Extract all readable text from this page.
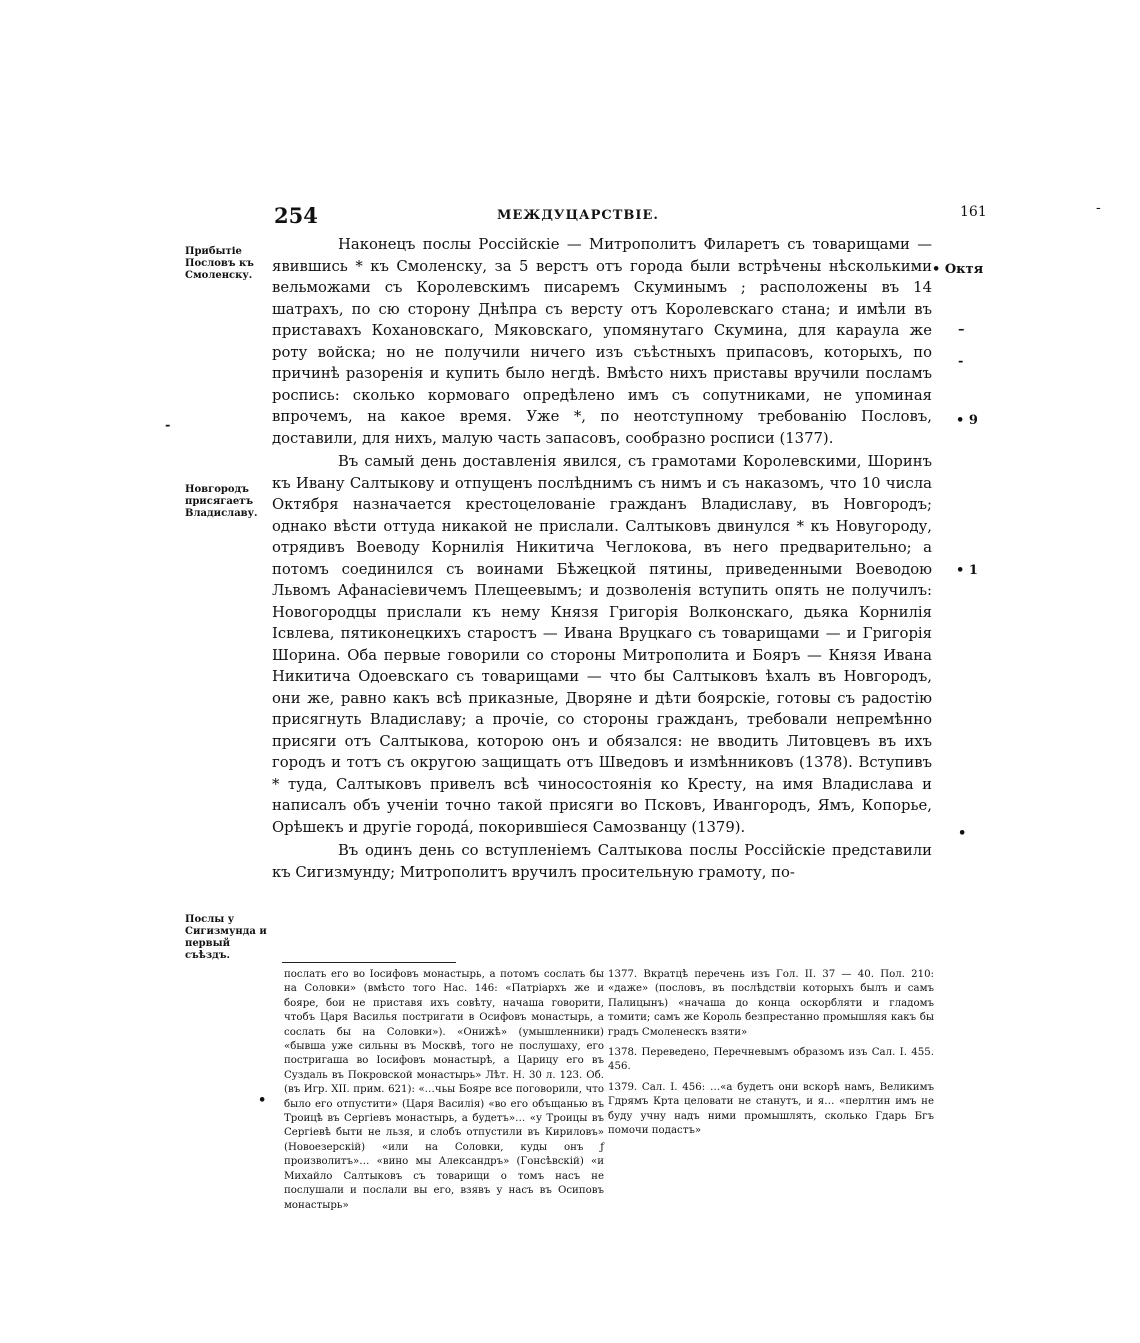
254	МЕЖДУЦАРСТВІЕ.	161	-
Прибытіе Пословъ къ Смоленску.
Новгородъ присягаетъ Владиславу.
Послы у Сигизмунда и первый съѣздъ.
• Октя
• 9
• 1
–
-
•
-
•

Наконецъ послы Россійскіе — Митрополитъ Филаретъ съ товарищами — явившись * къ Смоленску, за 5 верстъ отъ города были встрѣчены нѣсколькими вельможами съ Королевскимъ писаремъ Скуминымъ ; расположены въ 14 шатрахъ, по сю сторону Днѣпра съ версту отъ Королевскаго стана; и имѣли въ приставахъ Кохановскаго, Мяковскаго, упомянутаго Скумина, для караула же роту войска; но не получили ничего изъ съѣстныхъ припасовъ, которыхъ, по причинѣ разоренія и купить было негдѣ. Вмѣсто нихъ приставы вручили посламъ роспись: сколько кормоваго опредѣлено имъ съ сопутниками, не упоминая впрочемъ, на какое время. Уже *, по неотступному требованію Пословъ, доставили, для нихъ, малую часть запасовъ, сообразно росписи (1377).

Въ самый день доставленія явился, съ грамотами Королевскими, Шоринъ къ Ивану Салтыкову и отпущенъ послѣднимъ съ нимъ и съ наказомъ, что 10 числа Октября назначается крестоцелованіе гражданъ Владиславу, въ Новгородъ; однако вѣсти оттуда никакой не прислали. Салтыковъ двинулся * къ Новугороду, отрядивъ Воеводу Корнилія Никитича Чеглокова, въ него предварительно; а потомъ соединился съ воинами Бѣжецкой пятины, приведенными Воеводою Львомъ Афанасіевичемъ Плещеевымъ; и дозволенія вступить опять не получилъ: Новогородцы прислали къ нему Князя Григорія Волконскаго, дьяка Корнилія Ісвлева, пятиконецкихъ старостъ — Ивана Вруцкаго съ товарищами — и Григорія Шорина. Оба первые говорили со стороны Митрополита и Бояръ — Князя Ивана Никитича Одоевскаго съ товарищами — что бы Салтыковъ ѣхалъ въ Новгородъ, они же, равно какъ всѣ приказные, Дворяне и дѣти боярскіе, готовы съ радостію присягнуть Владиславу; а прочіе, со стороны гражданъ, требовали непремѣнно присяги отъ Салтыкова, которою онъ и обязался: не вводить Литовцевъ въ ихъ городъ и тотъ съ округою защищать отъ Шведовъ и измѣнниковъ (1378). Вступивъ * туда, Салтыковъ привелъ всѣ чиносостоянія ко Кресту, на имя Владислава и написалъ объ ученіи точно такой присяги во Псковъ, Ивангородъ, Ямъ, Копорье, Орѣшекъ и другіе городá, покорившіеся Самозванцу (1379).

Въ одинъ день со вступленіемъ Салтыкова послы Россійскіе представили къ Сигизмунду; Митрополитъ вручилъ просительную грамоту, по-

послать его во Іосифовъ монастырь, а потомъ сослать бы на Соловки» (вмѣсто того Нас. 146: «Патріархъ же и бояре, бои не приставя ихъ совѣту, начаша говорити, чтобъ Царя Василья постригати в Осифовъ монастырь, а сослать бы на Соловки»). «Онижѣ» (умышленники) «бывша уже сильны въ Москвѣ, того не послушаху, его постригаша во Іосифовъ монастырѣ, а Царицу его въ Суздаль въ Покровской монастырь» Лѣт. Н. 30 л. 123. Об. (въ Игр. XII. прим. 621): «…чьы Бояре все поговорили, что было его отпустити» (Царя Василія) «во его объщанью въ Троицѣ въ Сергіевъ монастырь, а будетъ»… «у Троицы въ Сергіевѣ быти не льзя, и слобъ отпустили въ Кириловъ» (Новоезерскій) «или на Соловки, куды онъ ƒ произволитъ»… «вино мы Александръ» (Гонсѣвскій) «и Михайло Салтыковъ съ товарищи о томъ насъ не послушали и послали вы его, взявъ у насъ въ Осиповъ монастырь»

1377. Вкратцѣ перечень изъ Гол. II. 37 — 40. Пол. 210: «даже» (пословъ, въ послѣдствіи которыхъ былъ и самъ Палицынъ) «начаша до конца оскорбляти и гладомъ томити; самъ же Король безпрестанно промышляя какъ бы градъ Смоленескъ взяти»

1378. Переведено, Перечневымъ образомъ изъ Сал. І. 455. 456.

1379. Сал. I. 456: …«а будетъ они вскорѣ намъ, Великимъ Гдрямъ Крта целовати не станутъ, и я… «перлтин имъ не буду учну надъ ними промышлять, сколько Гдарь Бгъ помочи подастъ»
